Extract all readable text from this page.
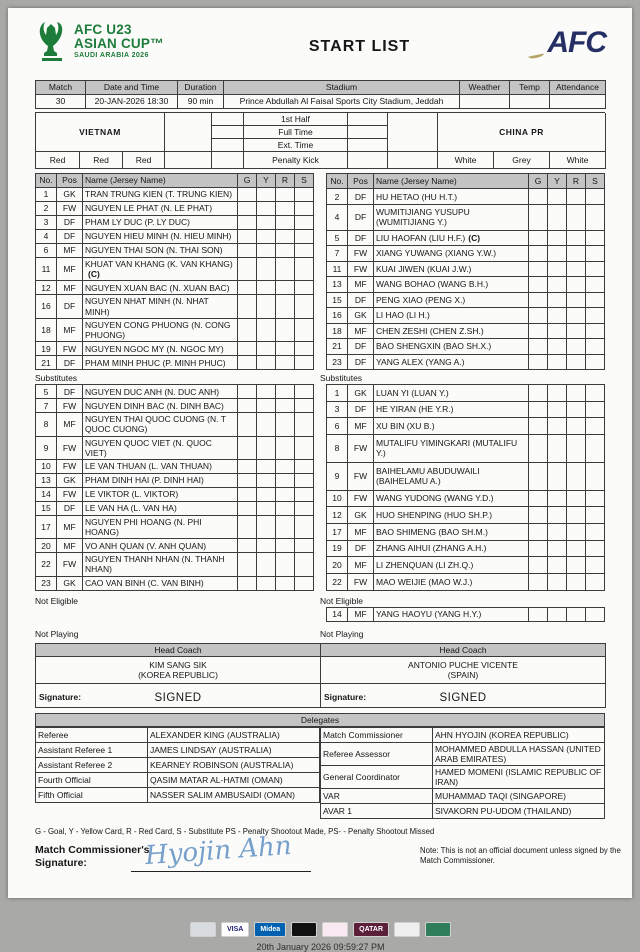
AFC U23
ASIAN CUP™
SAUDI ARABIA 2026
START LIST	AFC
Match	Date and Time	Duration	Stadium	Weather	Temp	Attendance
30	20-JAN-2026 18:30	90 min	Prince Abdullah Al Faisal Sports City Stadium, Jeddah			
VIETNAM
1st Half
CHINA PR
Full Time
Ext. Time
Red	Red	Red	Penalty Kick	White	Grey	White
No.	Pos	Name (Jersey Name)	G	Y	R	S
1	GK	TRAN TRUNG KIEN (T. TRUNG KIEN)				
2	FW	NGUYEN LE PHAT (N. LE PHAT)				
3	DF	PHAM LY DUC (P. LY DUC)				
4	DF	NGUYEN HIEU MINH (N. HIEU MINH)				
6	MF	NGUYEN THAI SON (N. THAI SON)				
11	MF	KHUAT VAN KHANG (K. VAN KHANG)(C)				
12	MF	NGUYEN XUAN BAC (N. XUAN BAC)				
16	DF	NGUYEN NHAT MINH (N. NHAT MINH)				
18	MF	NGUYEN CONG PHUONG (N. CONG PHUONG)				
19	FW	NGUYEN NGOC MY (N. NGOC MY)				
21	DF	PHAM MINH PHUC (P. MINH PHUC)				
No.	Pos	Name (Jersey Name)	G	Y	R	S
2	DF	HU HETAO (HU H.T.)				
4	DF	WUMITIJIANG YUSUPU (WUMITIJIANG Y.)				
5	DF	LIU HAOFAN (LIU H.F.) (C)				
7	FW	XIANG YUWANG (XIANG Y.W.)				
11	FW	KUAI JIWEN (KUAI J.W.)				
13	MF	WANG BOHAO (WANG B.H.)				
15	DF	PENG XIAO (PENG X.)				
16	GK	LI HAO (LI H.)				
18	MF	CHEN ZESHI (CHEN Z.SH.)				
21	DF	BAO SHENGXIN (BAO SH.X.)				
23	DF	YANG ALEX (YANG A.)				
Substitutes	Substitutes
5	DF	NGUYEN DUC ANH (N. DUC ANH)				
7	FW	NGUYEN DINH BAC (N. DINH BAC)				
8	MF	NGUYEN THAI QUOC CUONG (N. T QUOC CUONG)				
9	FW	NGUYEN QUOC VIET (N. QUOC VIET)				
10	FW	LE VAN THUAN (L. VAN THUAN)				
13	GK	PHAM DINH HAI (P. DINH HAI)				
14	FW	LE VIKTOR (L. VIKTOR)				
15	DF	LE VAN HA (L. VAN HA)				
17	MF	NGUYEN PHI HOANG (N. PHI HOANG)				
20	MF	VO ANH QUAN (V. ANH QUAN)				
22	FW	NGUYEN THANH NHAN (N. THANH NHAN)				
23	GK	CAO VAN BINH (C. VAN BINH)				
1	GK	LUAN YI (LUAN Y.)				
3	DF	HE YIRAN (HE Y.R.)				
6	MF	XU BIN (XU B.)				
8	FW	MUTALIFU YIMINGKARI (MUTALIFU Y.)				
9	FW	BAIHELAMU ABUDUWAILI (BAIHELAMU A.)				
10	FW	WANG YUDONG (WANG Y.D.)				
12	GK	HUO SHENPING (HUO SH.P.)				
17	MF	BAO SHIMENG (BAO SH.M.)				
19	DF	ZHANG AIHUI (ZHANG A.H.)				
20	MF	LI ZHENQUAN (LI ZH.Q.)				
22	FW	MAO WEIJIE (MAO W.J.)				
Not Eligible	Not Eligible
14	MF	YANG HAOYU (YANG H.Y.)				
Not Playing	Not Playing
Head Coach	Head Coach

KIM SANG SIK
(KOREA REPUBLIC)

ANTONIO PUCHE VICENTE
(SPAIN)

Signature: SIGNED	Signature: SIGNED
Delegates
Referee	ALEXANDER KING (AUSTRALIA)
Assistant Referee 1	JAMES LINDSAY (AUSTRALIA)
Assistant Referee 2	KEARNEY ROBINSON (AUSTRALIA)
Fourth Official	QASIM MATAR AL-HATMI (OMAN)
Fifth Official	NASSER SALIM AMBUSAIDI (OMAN)
Match Commissioner	AHN HYOJIN (KOREA REPUBLIC)
Referee Assessor	MOHAMMED ABDULLA HASSAN (UNITED ARAB EMIRATES)
General Coordinator	HAMED MOMENI (ISLAMIC REPUBLIC OF IRAN)
VAR	MUHAMMAD TAQI (SINGAPORE)
AVAR 1	SIVAKORN PU-UDOM (THAILAND)
G - Goal, Y - Yellow Card, R - Red Card, S - Substitute PS - Penalty Shootout Made, PS- - Penalty Shootout Missed
Match Commissioner's
Signature:	Hyojin Ahn	Note: This is not an official document unless signed by the Match Commissioner.
VISA Midea	QATAR
20th January 2026 09:59:27 PM
